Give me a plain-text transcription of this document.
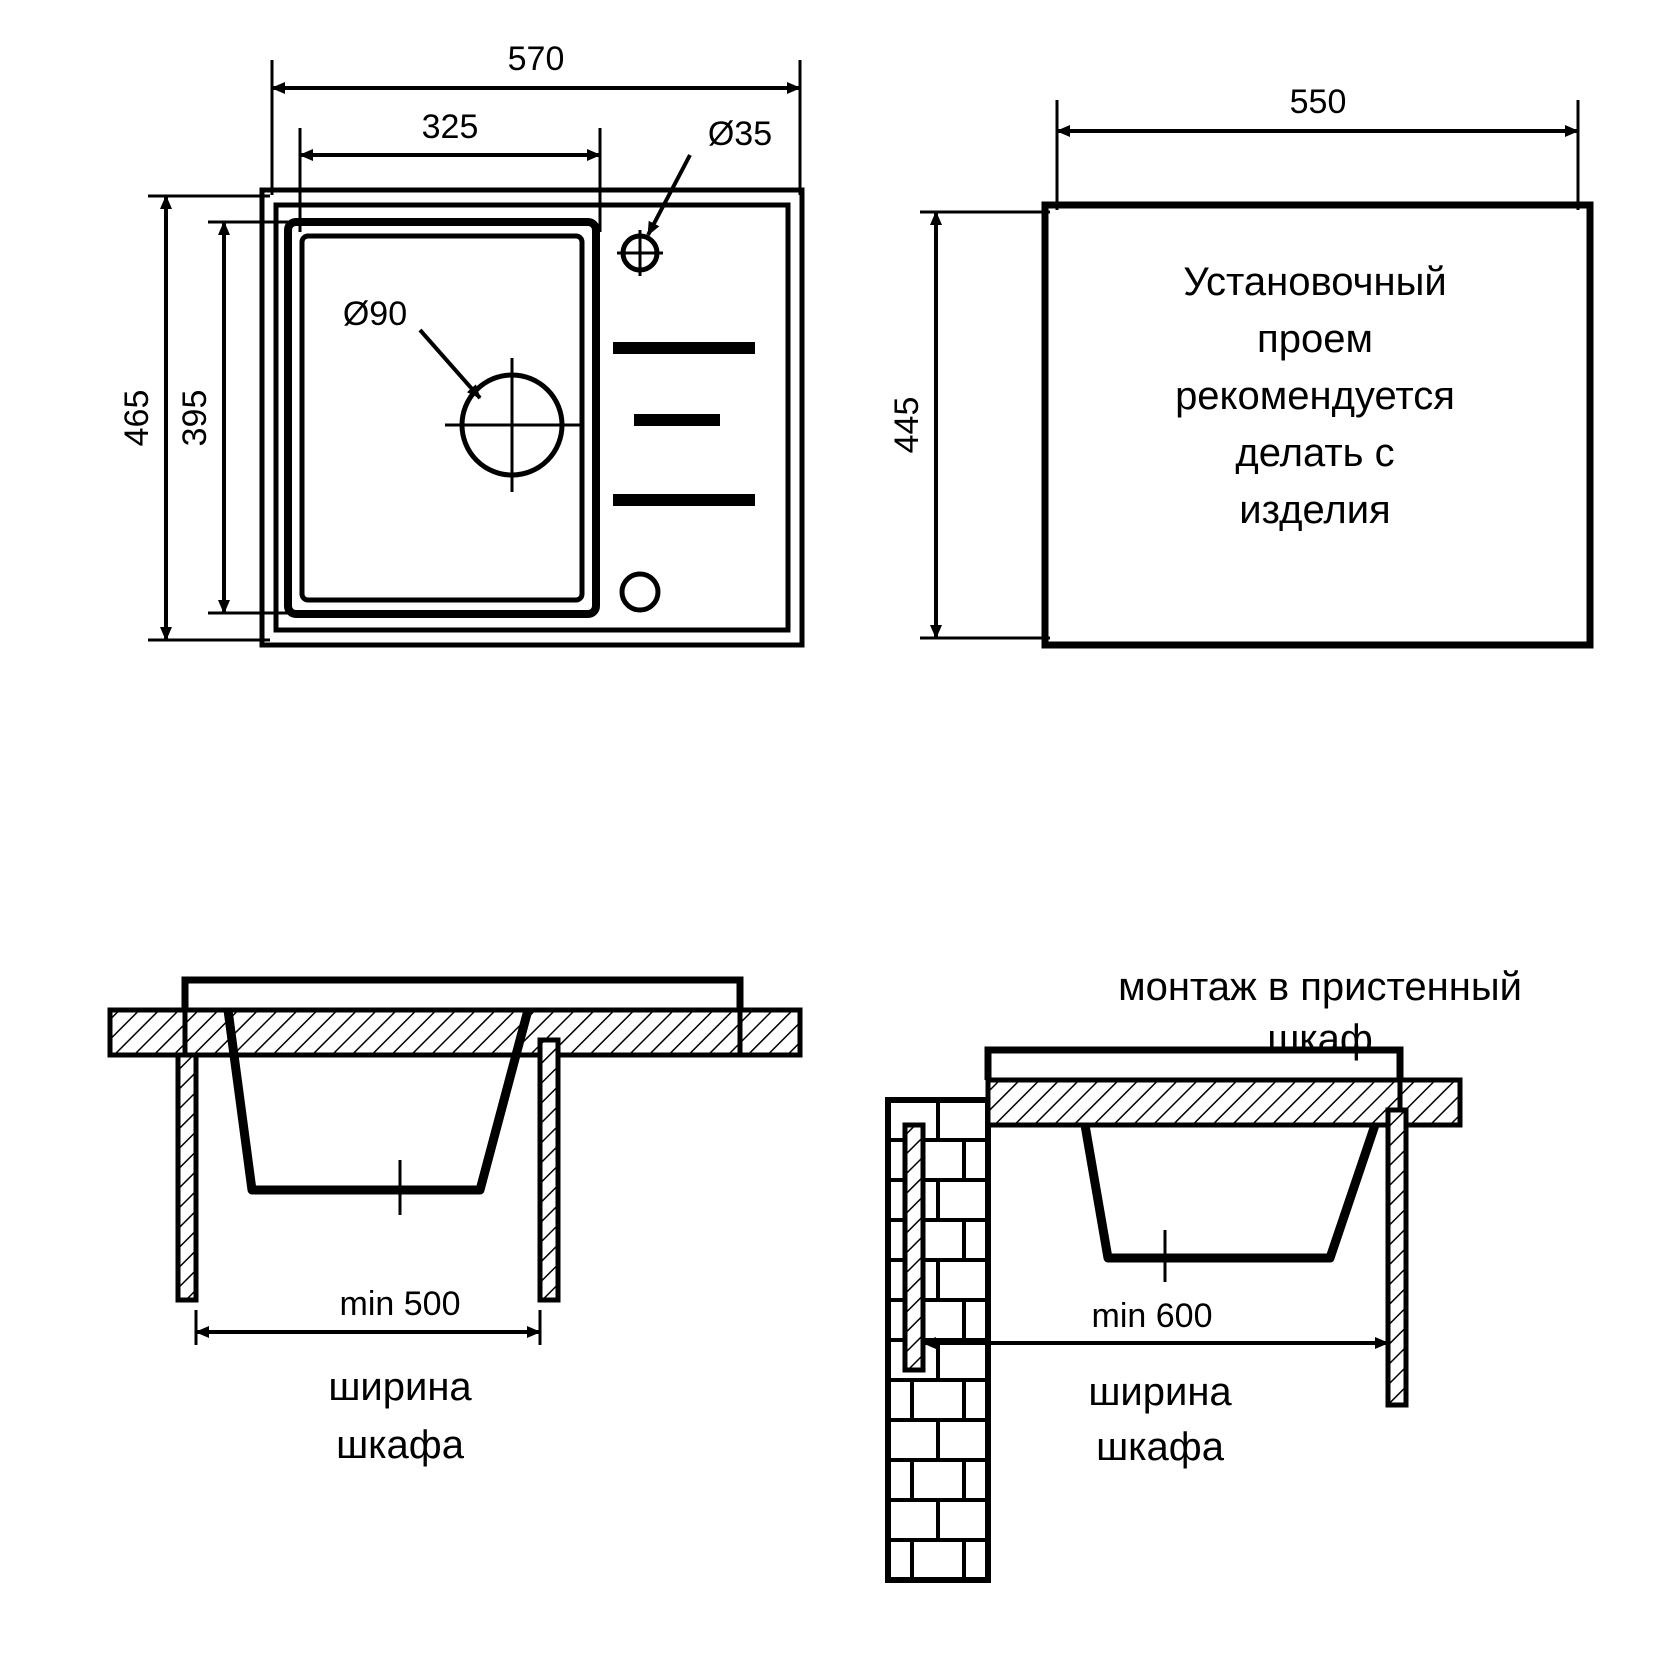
Ø90
Ø35
570
325
465 395
550
445
Установочный
проем
рекомендуется
делать с
изделия
min 500
ширина
шкафа
монтаж в пристенный
шкаф
min 600
ширина
шкафа
